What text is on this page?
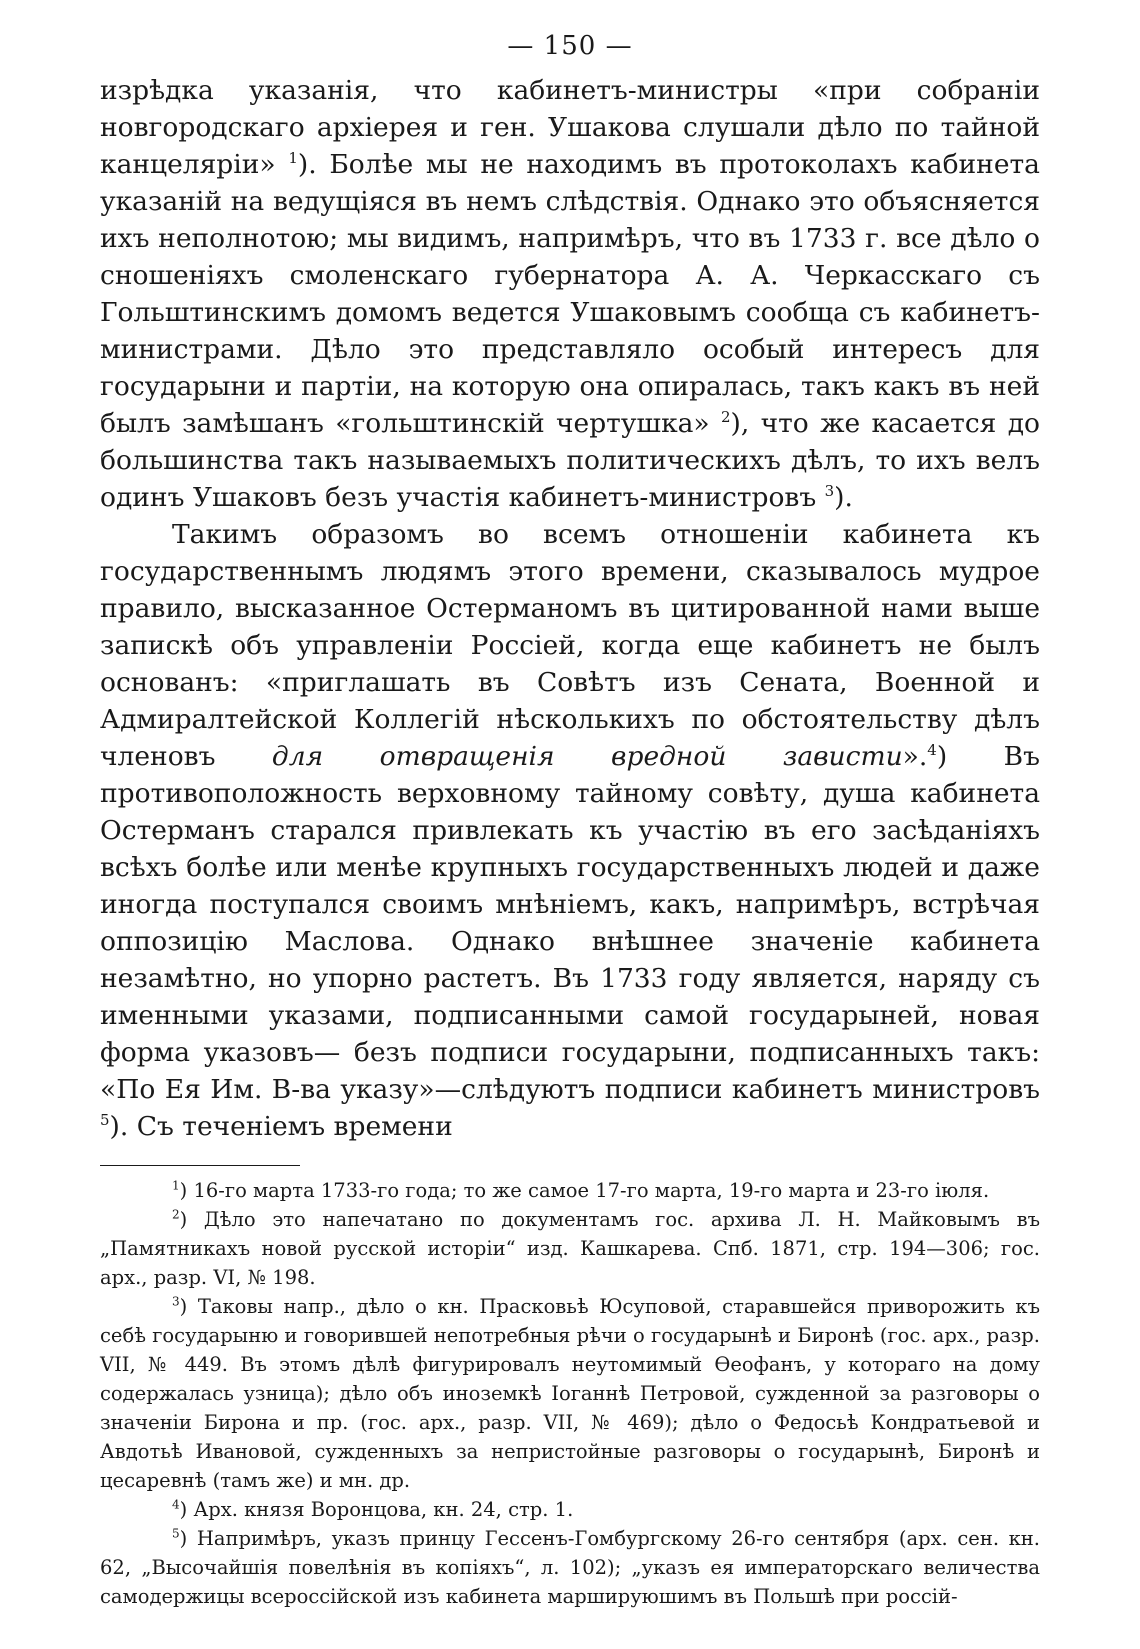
— 150 —

изрѣдка указанія, что кабинетъ-министры «при собраніи новгородскаго архіерея и ген. Ушакова слушали дѣло по тайной канцеляріи» $^1$). Болѣе мы не находимъ въ протоколахъ кабинета указаній на ведущіяся въ немъ слѣдствія. Однако это объясняется ихъ неполнотою; мы видимъ, напримѣръ, что въ 1733 г. все дѣло о сношеніяхъ смоленскаго губернатора А. А. Черкасскаго съ Гольштинскимъ домомъ ведется Ушаковымъ сообща съ кабинетъ-министрами. Дѣло это представляло особый интересъ для государыни и партіи, на которую она опиралась, такъ какъ въ ней былъ замѣшанъ «гольштинскій чертушка» $^2$), что же касается до большинства такъ называемыхъ политическихъ дѣлъ, то ихъ велъ одинъ Ушаковъ безъ участія кабинетъ-министровъ $^3$).

Такимъ образомъ во всемъ отношеніи кабинета къ государственнымъ людямъ этого времени, сказывалось мудрое правило, высказанное Остерманомъ въ цитированной нами выше запискѣ объ управленіи Россіей, когда еще кабинетъ не былъ основанъ: «приглашать въ Совѣтъ изъ Сената, Военной и Адмиралтейской Коллегій нѣсколькихъ по обстоятельству дѣлъ членовъ для отвращенія вредной зависти».$^4$) Въ противоположность верховному тайному совѣту, душа кабинета Остерманъ старался привлекать къ участію въ его засѣданіяхъ всѣхъ болѣе или менѣе крупныхъ государственныхъ людей и даже иногда поступался своимъ мнѣніемъ, какъ, напримѣръ, встрѣчая оппозицію Маслова. Однако внѣшнее значеніе кабинета незамѣтно, но упорно растетъ. Въ 1733 году является, наряду съ именными указами, подписанными самой государыней, новая форма указовъ— безъ подписи государыни, подписанныхъ такъ: «По Ея Им. В-ва указу»—слѣдуютъ подписи кабинетъ министровъ $^5$). Съ теченіемъ времени

$^1$) 16-го марта 1733-го года; то же самое 17-го марта, 19-го марта и 23-го іюля.

$^2$) Дѣло это напечатано по документамъ гос. архива Л. Н. Майковымъ въ „Памятникахъ новой русской исторіи“ изд. Кашкарева. Спб. 1871, стр. 194—306; гос. арх., разр. VI, № 198.

$^3$) Таковы напр., дѣло о кн. Прасковьѣ Юсуповой, старавшейся приворожить къ себѣ государыню и говорившей непотребныя рѣчи о государынѣ и Биронѣ (гос. арх., разр. VII, № 449. Въ этомъ дѣлѣ фигурировалъ неутомимый Ѳеофанъ, у котораго на дому содержалась узница); дѣло объ иноземкѣ Іоганнѣ Петровой, сужденной за разговоры о значеніи Бирона и пр. (гос. арх., разр. VII, № 469); дѣло о Федосьѣ Кондратьевой и Авдотьѣ Ивановой, сужденныхъ за непристойные разговоры о государынѣ, Биронѣ и цесаревнѣ (тамъ же) и мн. др.

$^4$) Арх. князя Воронцова, кн. 24, стр. 1.

$^5$) Напримѣръ, указъ принцу Гессенъ-Гомбургскому 26-го сентября (арх. сен. кн. 62, „Высочайшія повелѣнія въ копіяхъ“, л. 102); „указъ ея императорскаго величества самодержицы всероссійской изъ кабинета маршируюшимъ въ Польшѣ при россій-
